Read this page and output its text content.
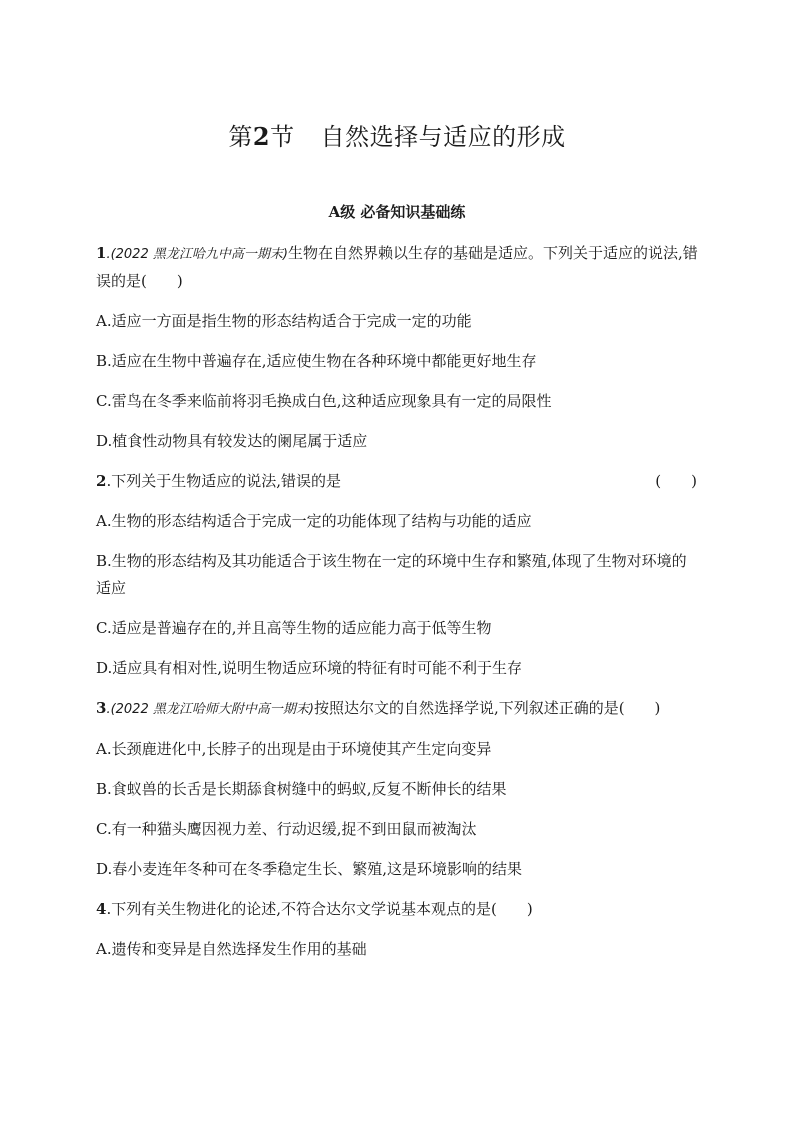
第2节 自然选择与适应的形成
A级 必备知识基础练
1.(2022 黑龙江哈九中高一期末)生物在自然界赖以生存的基础是适应。下列关于适应的说法,错误的是(　　)
A.适应一方面是指生物的形态结构适合于完成一定的功能
B.适应在生物中普遍存在,适应使生物在各种环境中都能更好地生存
C.雷鸟在冬季来临前将羽毛换成白色,这种适应现象具有一定的局限性
D.植食性动物具有较发达的阑尾属于适应
2.下列关于生物适应的说法,错误的是	(　　)
A.生物的形态结构适合于完成一定的功能体现了结构与功能的适应
B.生物的形态结构及其功能适合于该生物在一定的环境中生存和繁殖,体现了生物对环境的适应
C.适应是普遍存在的,并且高等生物的适应能力高于低等生物
D.适应具有相对性,说明生物适应环境的特征有时可能不利于生存
3.(2022 黑龙江哈师大附中高一期末)按照达尔文的自然选择学说,下列叙述正确的是(　　)
A.长颈鹿进化中,长脖子的出现是由于环境使其产生定向变异
B.食蚁兽的长舌是长期舔食树缝中的蚂蚁,反复不断伸长的结果
C.有一种猫头鹰因视力差、行动迟缓,捉不到田鼠而被淘汰
D.春小麦连年冬种可在冬季稳定生长、繁殖,这是环境影响的结果
4.下列有关生物进化的论述,不符合达尔文学说基本观点的是(　　)
A.遗传和变异是自然选择发生作用的基础
